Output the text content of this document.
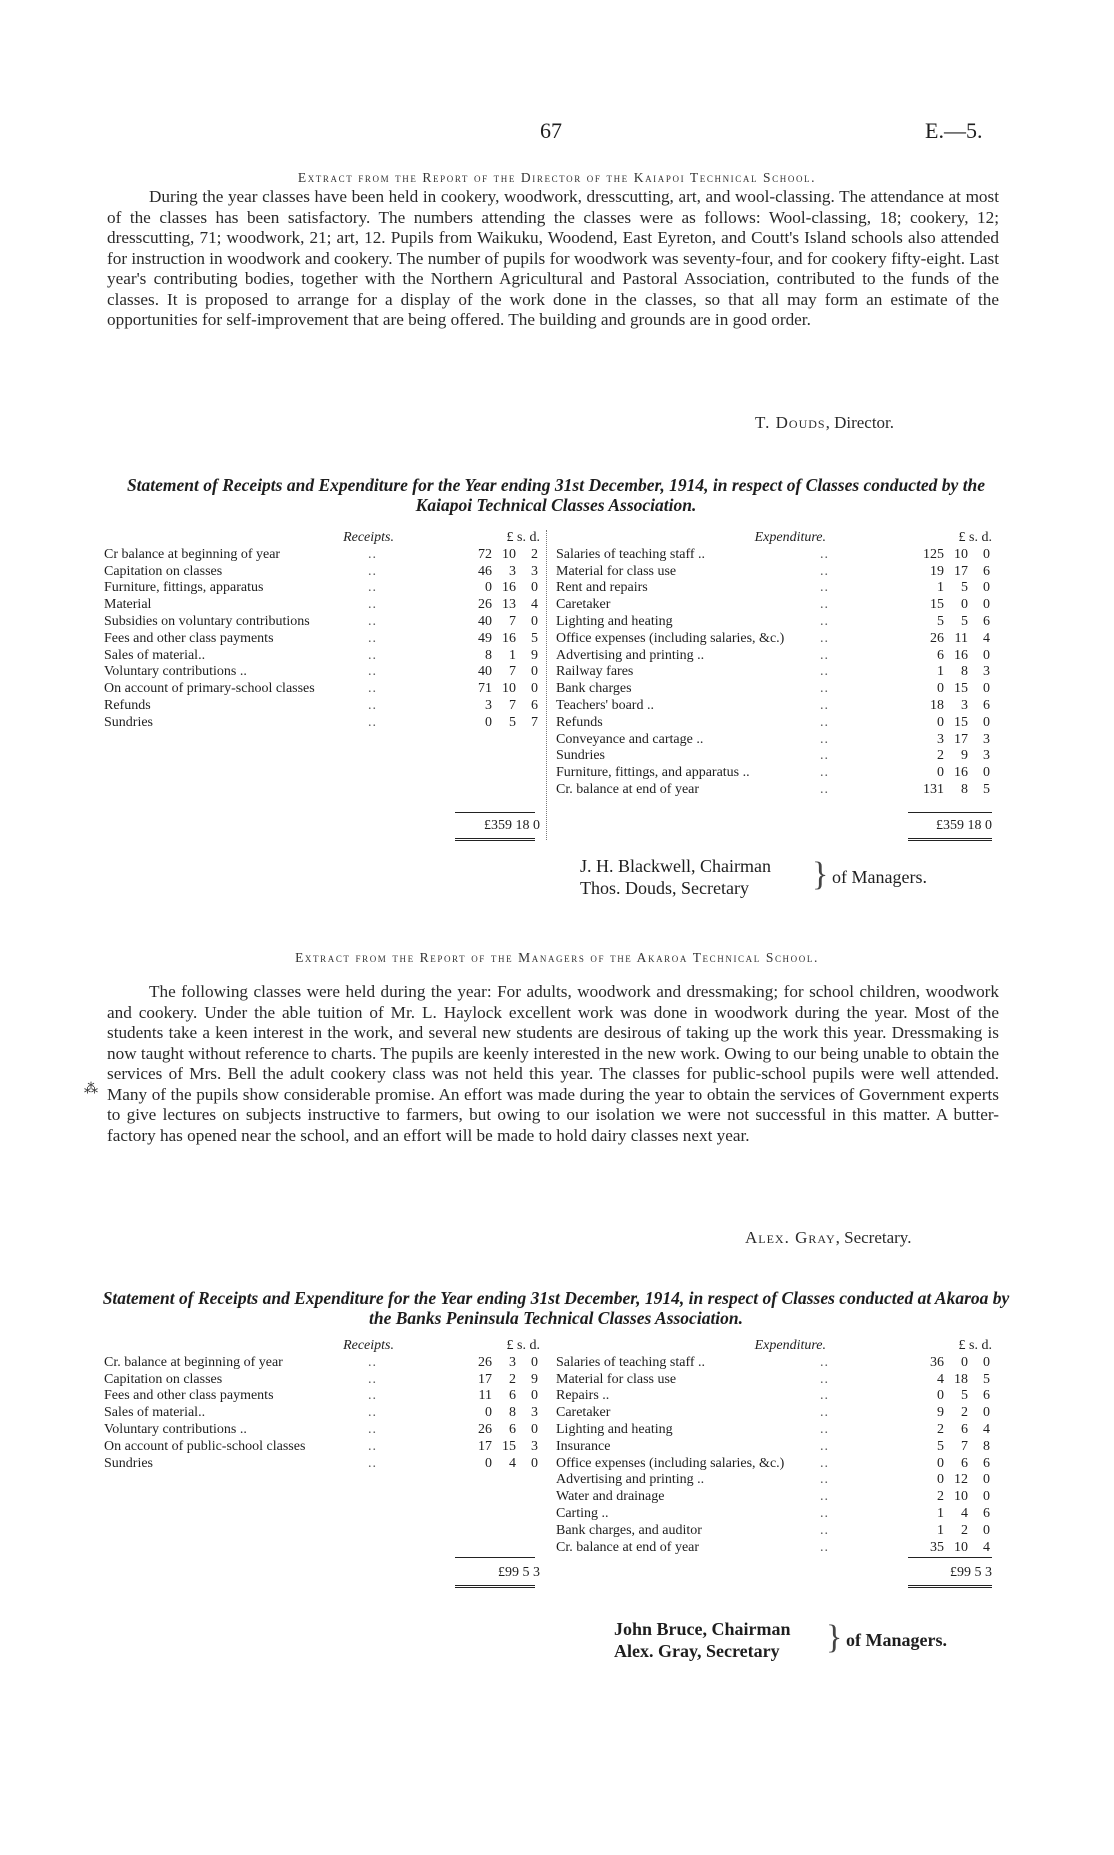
67	E.—5.
Extract from the Report of the Director of the Kaiapoi Technical School.

During the year classes have been held in cookery, woodwork, dresscutting, art, and wool-classing. The attendance at most of the classes has been satisfactory. The numbers attending the classes were as follows: Wool-classing, 18; cookery, 12; dresscutting, 71; woodwork, 21; art, 12. Pupils from Waikuku, Woodend, East Eyreton, and Coutt's Island schools also attended for instruction in woodwork and cookery. The number of pupils for woodwork was seventy-four, and for cookery fifty-eight. Last year's contributing bodies, together with the Northern Agricultural and Pastoral Association, contributed to the funds of the classes. It is proposed to arrange for a display of the work done in the classes, so that all may form an estimate of the opportunities for self-improvement that are being offered. The building and grounds are in good order.

T. Douds, Director.

Statement of Receipts and Expenditure for the Year ending 31st December, 1914, in respect of Classes conducted by the Kaiapoi Technical Classes Association.

Receipts.	£ s. d.
Cr balance at beginning of year	..	72 10	2
Capitation on classes	..	46	3	3
Furniture, fittings, apparatus	..	0 16	0
Material	..	26 13	4
Subsidies on voluntary contributions	..	40	7	0
Fees and other class payments	..	49 16	5
Sales of material..	..	8	1	9
Voluntary contributions ..	..	40	7	0
On account of primary-school classes	..	71 10	0
Refunds	..	3	7	6
Sundries	..	0	5	7
Expenditure.	£ s. d.
Salaries of teaching staff ..	..	125 10	0
Material for class use	..	19 17	6
Rent and repairs	..	1	5	0
Caretaker	..	15	0	0
Lighting and heating	..	5	5	6
Office expenses (including salaries, &c.)	..	26 11	4
Advertising and printing ..	..	6 16	0
Railway fares	..	1	8	3
Bank charges	..	0 15	0
Teachers' board ..	..	18	3	6
Refunds	..	0 15	0
Conveyance and cartage ..	..	3 17	3
Sundries	..	2	9	3
Furniture, fittings, and apparatus ..	..	0 16	0
Cr. balance at end of year	..	131	8	5
£359 18 0	£359 18 0
J. H. Blackwell, Chairman
Thos. Douds, Secretary	} of Managers.
Extract from the Report of the Managers of the Akaroa Technical School.
⁂

The following classes were held during the year: For adults, woodwork and dressmaking; for school children, woodwork and cookery. Under the able tuition of Mr. L. Haylock excellent work was done in woodwork during the year. Most of the students take a keen interest in the work, and several new students are desirous of taking up the work this year. Dressmaking is now taught without reference to charts. The pupils are keenly interested in the new work. Owing to our being unable to obtain the services of Mrs. Bell the adult cookery class was not held this year. The classes for public-school pupils were well attended. Many of the pupils show considerable promise. An effort was made during the year to obtain the services of Government experts to give lectures on subjects instructive to farmers, but owing to our isolation we were not successful in this matter. A butter-factory has opened near the school, and an effort will be made to hold dairy classes next year.

Alex. Gray, Secretary.

Statement of Receipts and Expenditure for the Year ending 31st December, 1914, in respect of Classes conducted at Akaroa by the Banks Peninsula Technical Classes Association.

Receipts.	£ s. d.
Cr. balance at beginning of year	..	26	3	0
Capitation on classes	..	17	2	9
Fees and other class payments	..	11	6	0
Sales of material..	..	0	8	3
Voluntary contributions ..	..	26	6	0
On account of public-school classes	..	17 15	3
Sundries	..	0	4	0
Expenditure.	£ s. d.
Salaries of teaching staff ..	..	36	0	0
Material for class use	..	4 18	5
Repairs ..	..	0	5	6
Caretaker	..	9	2	0
Lighting and heating	..	2	6	4
Insurance	..	5	7	8
Office expenses (including salaries, &c.)	..	0	6	6
Advertising and printing ..	..	0 12	0
Water and drainage	..	2 10	0
Carting ..	..	1	4	6
Bank charges, and auditor	..	1	2	0
Cr. balance at end of year	..	35 10	4
£99 5 3	£99 5 3
John Bruce, Chairman
Alex. Gray, Secretary	} of Managers.
